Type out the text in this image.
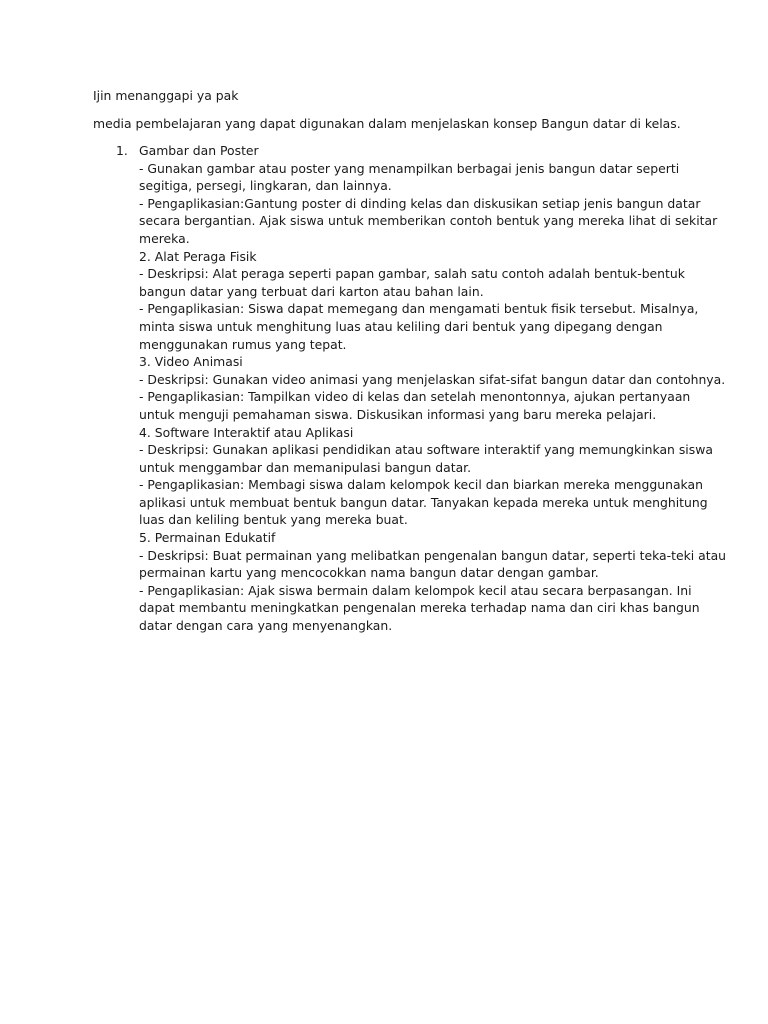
Ijin menanggapi ya pak

media pembelajaran yang dapat digunakan dalam menjelaskan konsep Bangun datar di kelas.

1. Gambar dan Poster
- Gunakan gambar atau poster yang menampilkan berbagai jenis bangun datar seperti
segitiga, persegi, lingkaran, dan lainnya.
- Pengaplikasian:Gantung poster di dinding kelas dan diskusikan setiap jenis bangun datar
secara bergantian. Ajak siswa untuk memberikan contoh bentuk yang mereka lihat di sekitar
mereka.
2. Alat Peraga Fisik
- Deskripsi: Alat peraga seperti papan gambar, salah satu contoh adalah bentuk-bentuk
bangun datar yang terbuat dari karton atau bahan lain.
- Pengaplikasian: Siswa dapat memegang dan mengamati bentuk fisik tersebut. Misalnya,
minta siswa untuk menghitung luas atau keliling dari bentuk yang dipegang dengan
menggunakan rumus yang tepat.
3. Video Animasi
- Deskripsi: Gunakan video animasi yang menjelaskan sifat-sifat bangun datar dan contohnya.
- Pengaplikasian: Tampilkan video di kelas dan setelah menontonnya, ajukan pertanyaan
untuk menguji pemahaman siswa. Diskusikan informasi yang baru mereka pelajari.
4. Software Interaktif atau Aplikasi
- Deskripsi: Gunakan aplikasi pendidikan atau software interaktif yang memungkinkan siswa
untuk menggambar dan memanipulasi bangun datar.
- Pengaplikasian: Membagi siswa dalam kelompok kecil dan biarkan mereka menggunakan
aplikasi untuk membuat bentuk bangun datar. Tanyakan kepada mereka untuk menghitung
luas dan keliling bentuk yang mereka buat.
5. Permainan Edukatif
- Deskripsi: Buat permainan yang melibatkan pengenalan bangun datar, seperti teka-teki atau
permainan kartu yang mencocokkan nama bangun datar dengan gambar.
- Pengaplikasian: Ajak siswa bermain dalam kelompok kecil atau secara berpasangan. Ini
dapat membantu meningkatkan pengenalan mereka terhadap nama dan ciri khas bangun
datar dengan cara yang menyenangkan.
